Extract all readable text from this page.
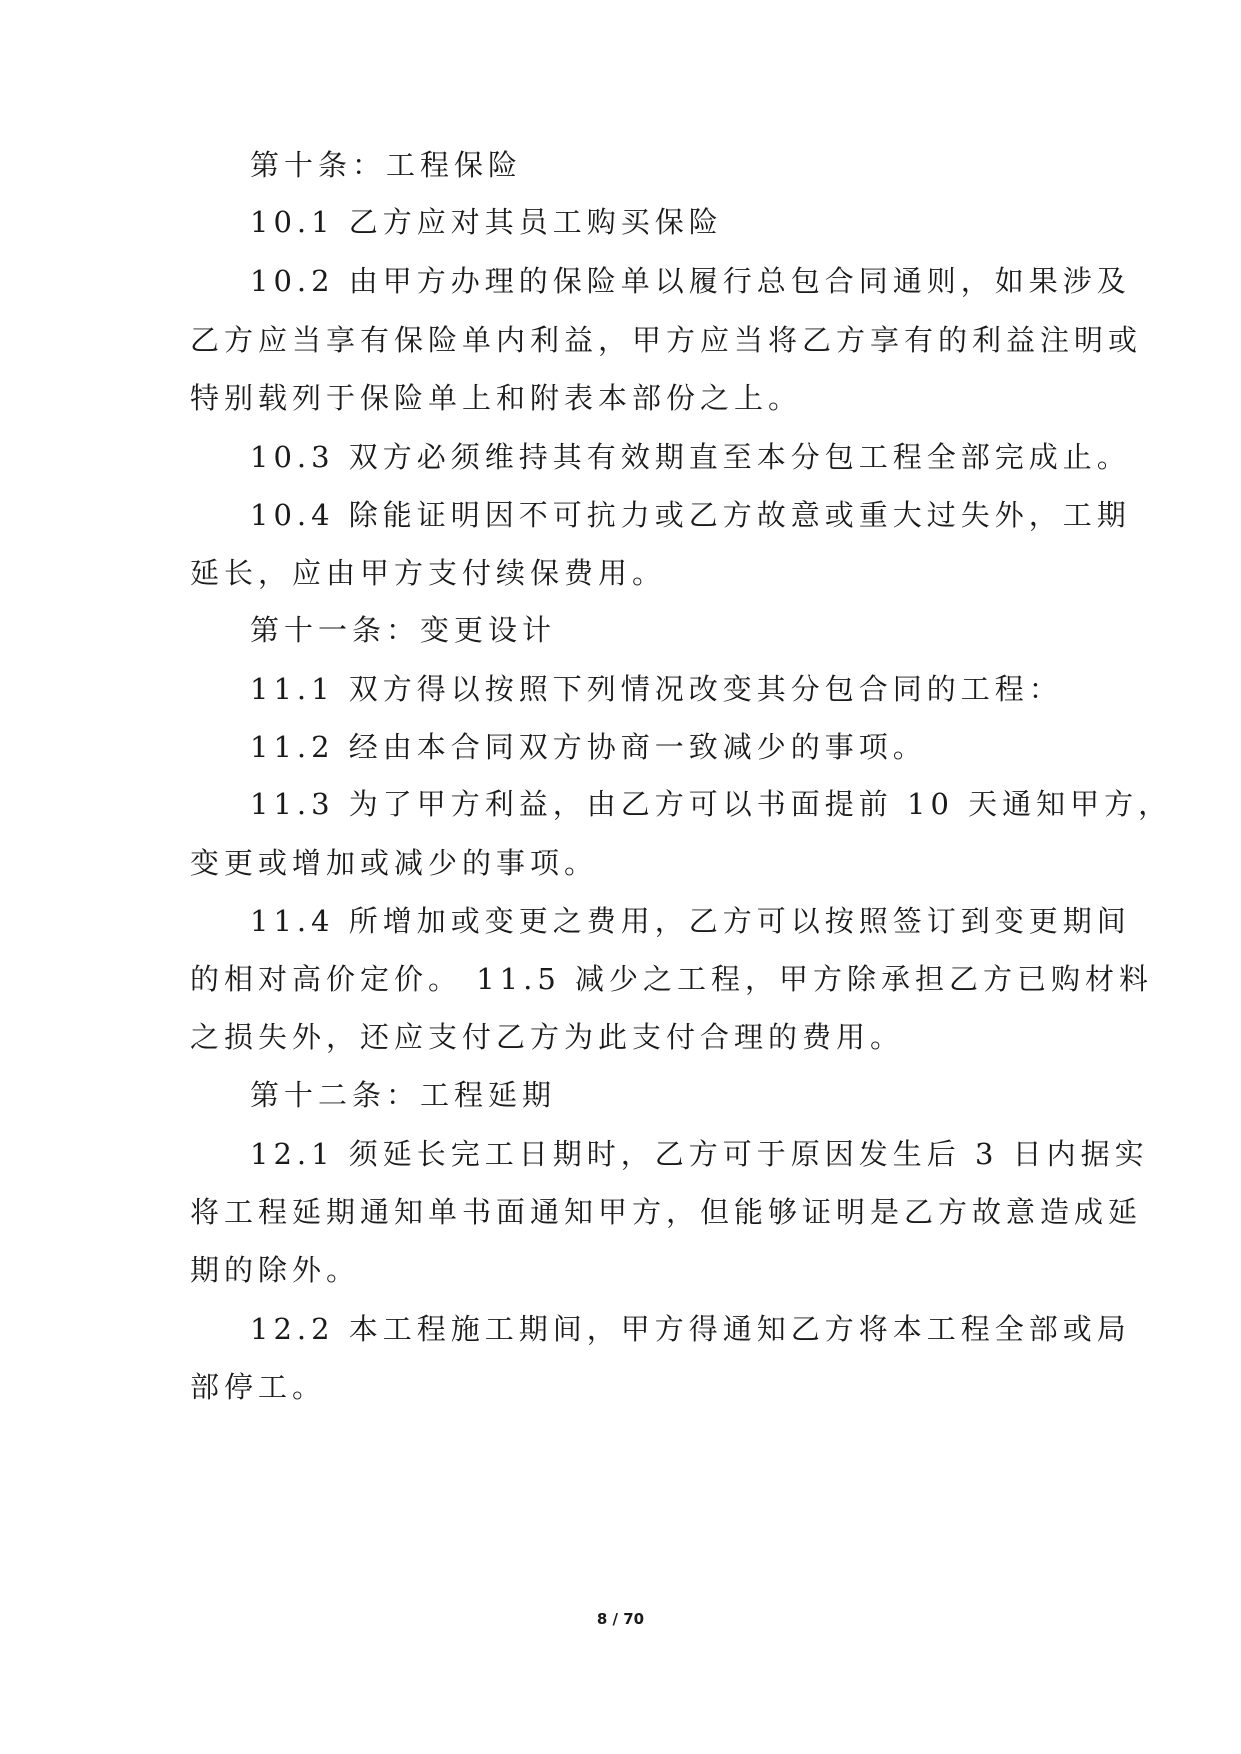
第十条：工程保险
10.1 乙方应对其员工购买保险
10.2 由甲方办理的保险单以履行总包合同通则，如果涉及
乙方应当享有保险单内利益，甲方应当将乙方享有的利益注明或
特别载列于保险单上和附表本部份之上。
10.3 双方必须维持其有效期直至本分包工程全部完成止。
10.4 除能证明因不可抗力或乙方故意或重大过失外，工期
延长，应由甲方支付续保费用。
第十一条：变更设计
11.1 双方得以按照下列情况改变其分包合同的工程：
11.2 经由本合同双方协商一致减少的事项。
11.3 为了甲方利益，由乙方可以书面提前 10 天通知甲方，
变更或增加或减少的事项。
11.4 所增加或变更之费用，乙方可以按照签订到变更期间
的相对高价定价。 11.5 减少之工程，甲方除承担乙方已购材料
之损失外，还应支付乙方为此支付合理的费用。
第十二条：工程延期
12.1 须延长完工日期时，乙方可于原因发生后 3 日内据实
将工程延期通知单书面通知甲方，但能够证明是乙方故意造成延
期的除外。
12.2 本工程施工期间，甲方得通知乙方将本工程全部或局
部停工。
8 / 70
